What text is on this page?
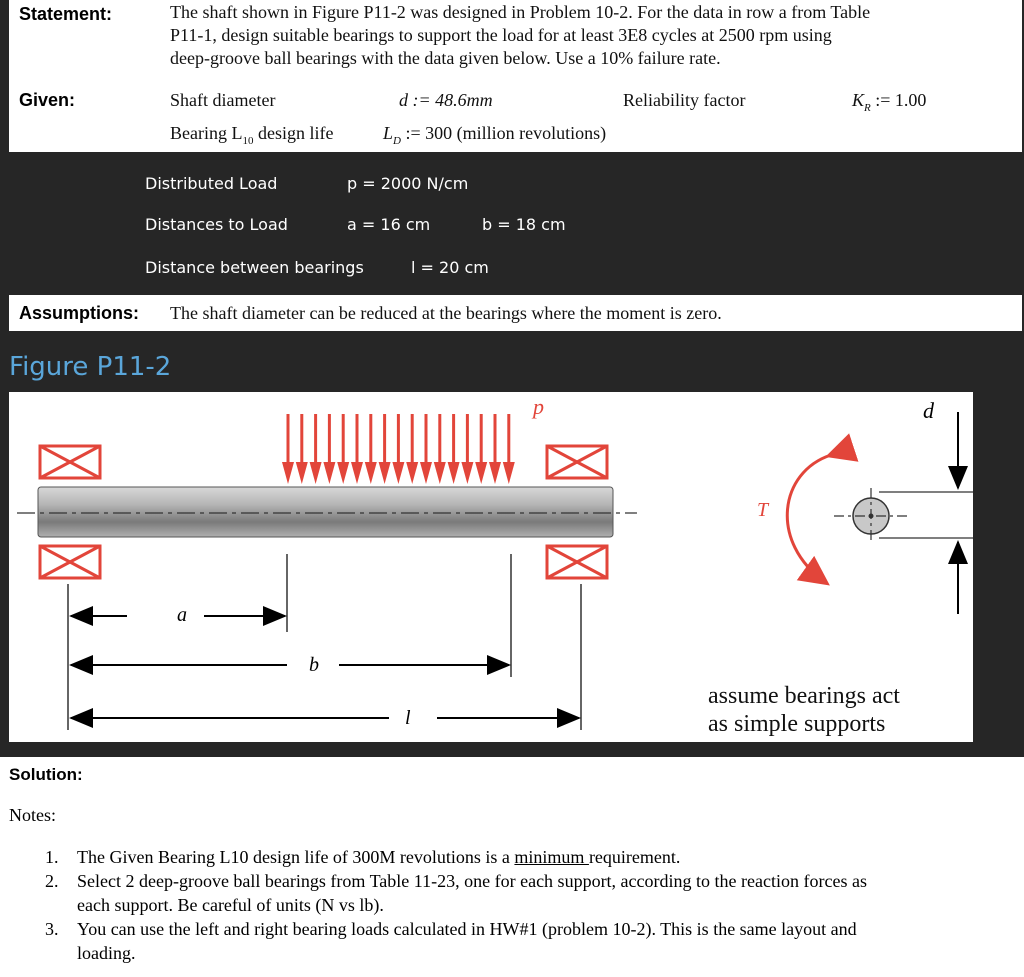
Statement:	The shaft shown in Figure P11-2 was designed in Problem 10-2. For the data in row a from Table
P11-1, design suitable bearings to support the load for at least 3E8 cycles at 2500 rpm using
deep-groove ball bearings with the data given below. Use a 10% failure rate.
Given:	Shaft diameter	d := 48.6mm	Reliability factor	$K_R$ := 1.00
Bearing $L_{10}$ design life	$L_D$ := 300 (million revolutions)
Distributed Load	p = 2000 N/cm
Distances to Load	a = 16 cm	b = 18 cm
Distance between bearings	l = 20 cm
Assumptions: The shaft diameter can be reduced at the bearings where the moment is zero.
Figure P11-2
p
a
b
l
T
d
assume bearings act
as simple supports
Solution:
Notes:
1. The Given Bearing L10 design life of 300M revolutions is a minimum requirement.
2. Select 2 deep-groove ball bearings from Table 11-23, one for each support, according to the reaction forces as
each support. Be careful of units (N vs lb).
3. You can use the left and right bearing loads calculated in HW#1 (problem 10-2). This is the same layout and
loading.
